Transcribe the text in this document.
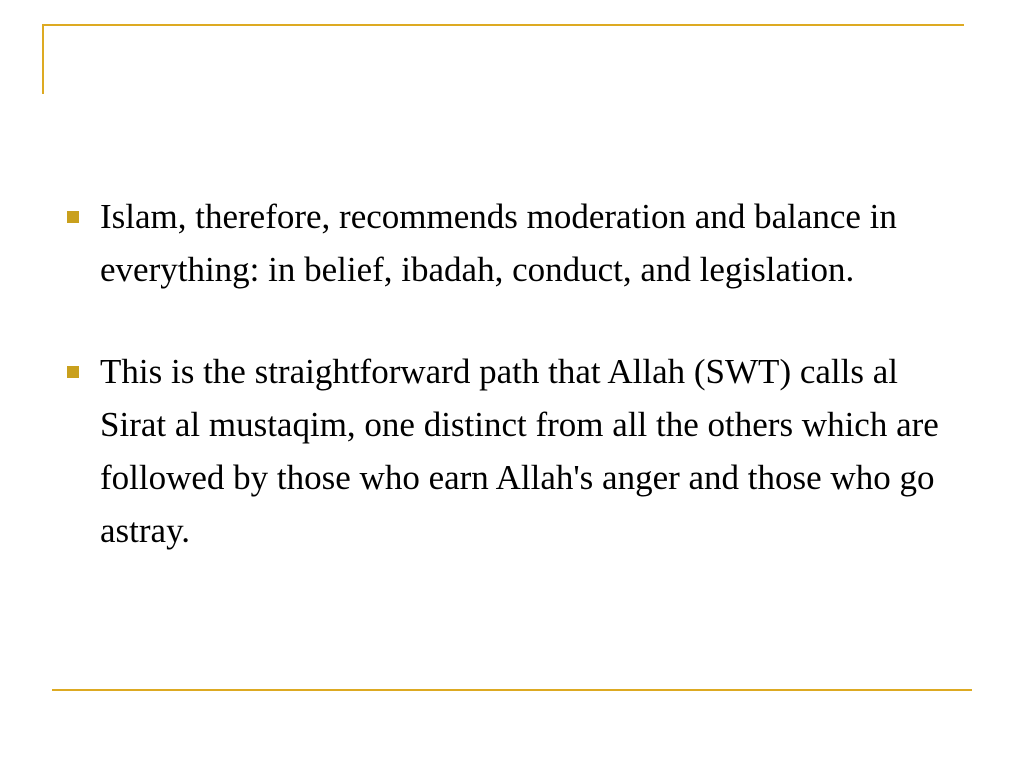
Islam, therefore, recommends moderation and balance in everything: in belief, ibadah, conduct, and legislation.
This is the straightforward path that Allah (SWT) calls al Sirat al mustaqim, one distinct from all the others which are followed by those who earn Allah's anger and those who go astray.
